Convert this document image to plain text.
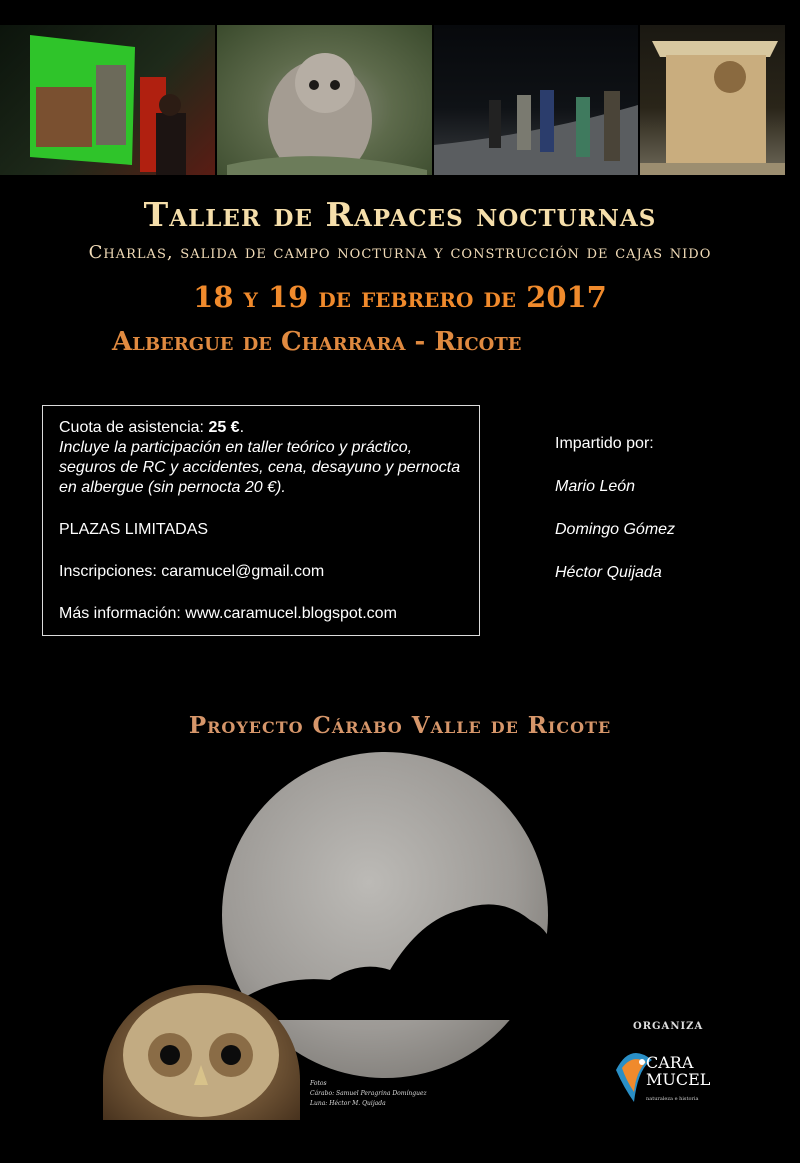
Taller de Rapaces nocturnas
Charlas, salida de campo nocturna y construcción de cajas nido
18 y 19 de febrero de 2017
Albergue de Charrara - Ricote

Cuota de asistencia: 25 €.

Incluye la participación en taller teórico y práctico, seguros de RC y accidentes, cena, desayuno y pernocta en albergue (sin pernocta 20 €).

PLAZAS LIMITADAS

Inscripciones: caramucel@gmail.com

Más información: www.caramucel.blogspot.com

Impartido por:
Mario León
Domingo Gómez
Héctor Quijada
Proyecto Cárabo Valle de Ricote

Fotos

Cárabo: Samuel Peragrina Domínguez

Luna: Héctor M. Quijada

ORGANIZA
CARA MUCEL
naturaleza e historia
